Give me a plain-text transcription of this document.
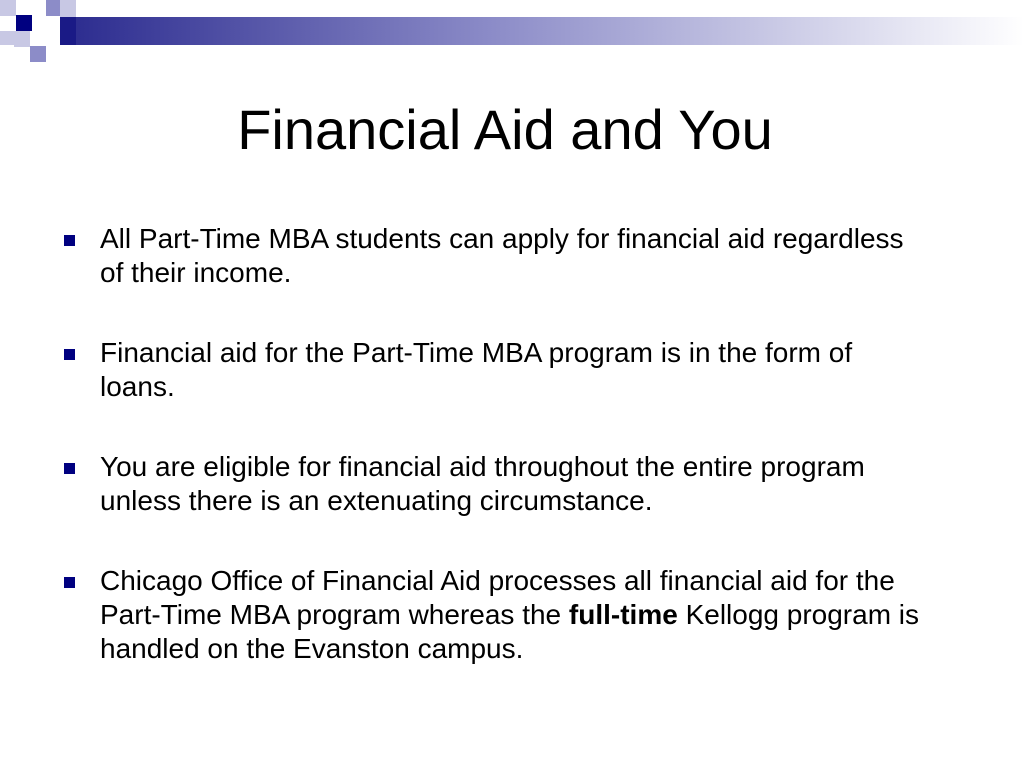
Financial Aid and You
All Part-Time MBA students can apply for financial aid regardless of their income.
Financial aid for the Part-Time MBA program is in the form of loans.
You are eligible for financial aid throughout the entire program unless there is an extenuating circumstance.
Chicago Office of Financial Aid processes all financial aid for the Part-Time MBA program whereas the full-time Kellogg program is handled on the Evanston campus.
